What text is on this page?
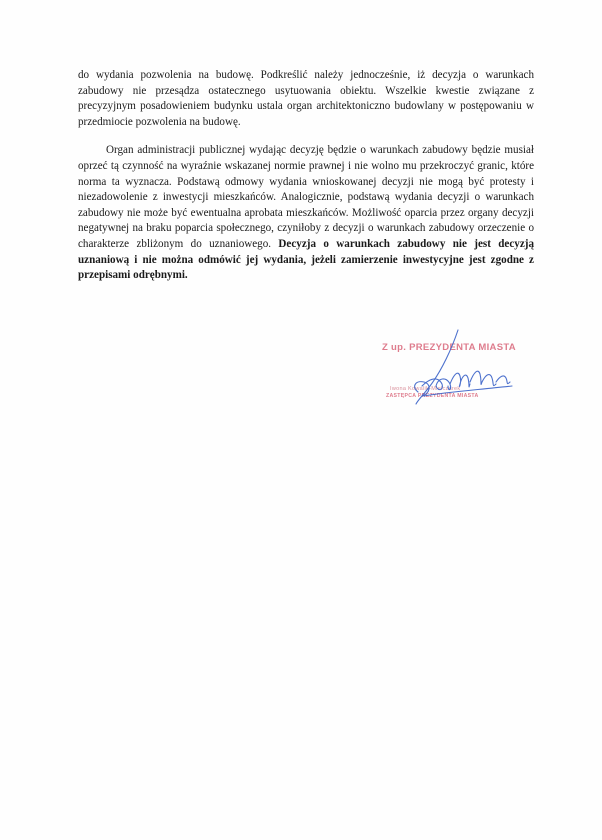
do wydania pozwolenia na budowę. Podkreślić należy jednocześnie, iż decyzja o warunkach zabudowy nie przesądza ostatecznego usytuowania obiektu. Wszelkie kwestie związane z precyzyjnym posadowieniem budynku ustala organ architektoniczno budowlany w postępowaniu w przedmiocie pozwolenia na budowę.

Organ administracji publicznej wydając decyzję będzie o warunkach zabudowy będzie musiał oprzeć tą czynność na wyraźnie wskazanej normie prawnej i nie wolno mu przekroczyć granic, które norma ta wyznacza. Podstawą odmowy wydania wnioskowanej decyzji nie mogą być protesty i niezadowolenie z inwestycji mieszkańców. Analogicznie, podstawą wydania decyzji o warunkach zabudowy nie może być ewentualna aprobata mieszkańców. Możliwość oparcia przez organy decyzji negatywnej na braku poparcia społecznego, czyniłoby z decyzji o warunkach zabudowy orzeczenie o charakterze zbliżonym do uznaniowego. Decyzja o warunkach zabudowy nie jest decyzją uznaniową i nie można odmówić jej wydania, jeżeli zamierzenie inwestycyjne jest zgodne z przepisami odrębnymi.

Z up. PREZYDENTA MIASTA
Iwona Kowalik-Mielczarek
ZASTĘPCA PREZYDENTA MIASTA
